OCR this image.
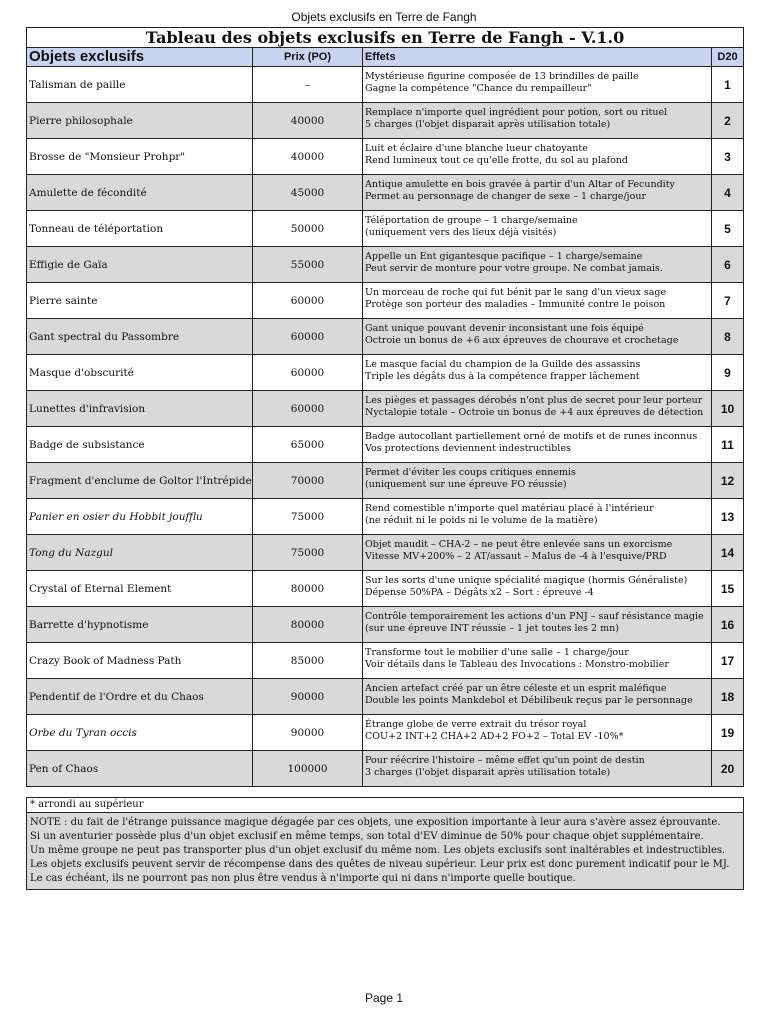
Objets exclusifs en Terre de Fangh
Tableau des objets exclusifs en Terre de Fangh - V.1.0
Objets exclusifs	Prix (PO)	Effets	D20
Talisman de paille	–
Mystérieuse figurine composée de 13 brindilles de paille
Gagne la compétence "Chance du rempailleur"	1
Pierre philosophale	40000
Remplace n'importe quel ingrédient pour potion, sort ou rituel
5 charges (l'objet disparait après utilisation totale)	2
Brosse de "Monsieur Prohpr"	40000
Luit et éclaire d'une blanche lueur chatoyante
Rend lumineux tout ce qu'elle frotte, du sol au plafond	3
Amulette de fécondité	45000
Antique amulette en bois gravée à partir d'un Altar of Fecundity
Permet au personnage de changer de sexe – 1 charge/jour	4
Tonneau de téléportation	50000
Téléportation de groupe – 1 charge/semaine
(uniquement vers des lieux déjà visités)	5
Effigie de Gaïa	55000
Appelle un Ent gigantesque pacifique – 1 charge/semaine
Peut servir de monture pour votre groupe. Ne combat jamais.	6
Pierre sainte	60000
Un morceau de roche qui fut bénit par le sang d'un vieux sage
Protège son porteur des maladies – Immunité contre le poison	7
Gant spectral du Passombre	60000
Gant unique pouvant devenir inconsistant une fois équipé
Octroie un bonus de +6 aux épreuves de chourave et crochetage	8
Masque d'obscurité	60000
Le masque facial du champion de la Guilde des assassins
Triple les dégâts dus à la compétence frapper lâchement	9
Lunettes d'infravision	60000
Les pièges et passages dérobés n'ont plus de secret pour leur porteur
Nyctalopie totale – Octroie un bonus de +4 aux épreuves de détection	10
Badge de subsistance	65000
Badge autocollant partiellement orné de motifs et de runes inconnus
Vos protections deviennent indestructibles	11
Fragment d'enclume de Goltor l'Intrépide	70000
Permet d'éviter les coups critiques ennemis
(uniquement sur une épreuve FO réussie)	12
Panier en osier du Hobbit joufflu	75000
Rend comestible n'importe quel matériau placé à l'intérieur
(ne réduit ni le poids ni le volume de la matière)	13
Tong du Nazgul	75000
Objet maudit – CHA-2 – ne peut être enlevée sans un exorcisme
Vitesse MV+200% – 2 AT/assaut – Malus de -4 à l'esquive/PRD	14
Crystal of Eternal Element	80000
Sur les sorts d'une unique spécialité magique (hormis Généraliste)
Dépense 50%PA – Dégâts x2 – Sort : épreuve -4	15
Barrette d'hypnotisme	80000
Contrôle temporairement les actions d'un PNJ – sauf résistance magie
(sur une épreuve INT réussie – 1 jet toutes les 2 mn)	16
Crazy Book of Madness Path	85000
Transforme tout le mobilier d'une salle – 1 charge/jour
Voir détails dans le Tableau des Invocations : Monstro-mobilier	17
Pendentif de l'Ordre et du Chaos	90000
Ancien artefact créé par un être céleste et un esprit maléfique
Double les points Mankdebol et Débilibeuk reçus par le personnage	18
Orbe du Tyran occis	90000
Étrange globe de verre extrait du trésor royal
COU+2 INT+2 CHA+2 AD+2 FO+2 – Total EV -10%*	19
Pen of Chaos	100000
Pour réécrire l'histoire – même effet qu'un point de destin
3 charges (l'objet disparait après utilisation totale)	20
* arrondi au supérieur
NOTE : du fait de l'étrange puissance magique dégagée par ces objets, une exposition importante à leur aura s'avère assez éprouvante.
Si un aventurier possède plus d'un objet exclusif en même temps, son total d'EV diminue de 50% pour chaque objet supplémentaire.
Un même groupe ne peut pas transporter plus d'un objet exclusif du même nom. Les objets exclusifs sont inaltérables et indestructibles.
Les objets exclusifs peuvent servir de récompense dans des quêtes de niveau supérieur. Leur prix est donc purement indicatif pour le MJ.
Le cas échéant, ils ne pourront pas non plus être vendus à n'importe qui ni dans n'importe quelle boutique.
Page 1
